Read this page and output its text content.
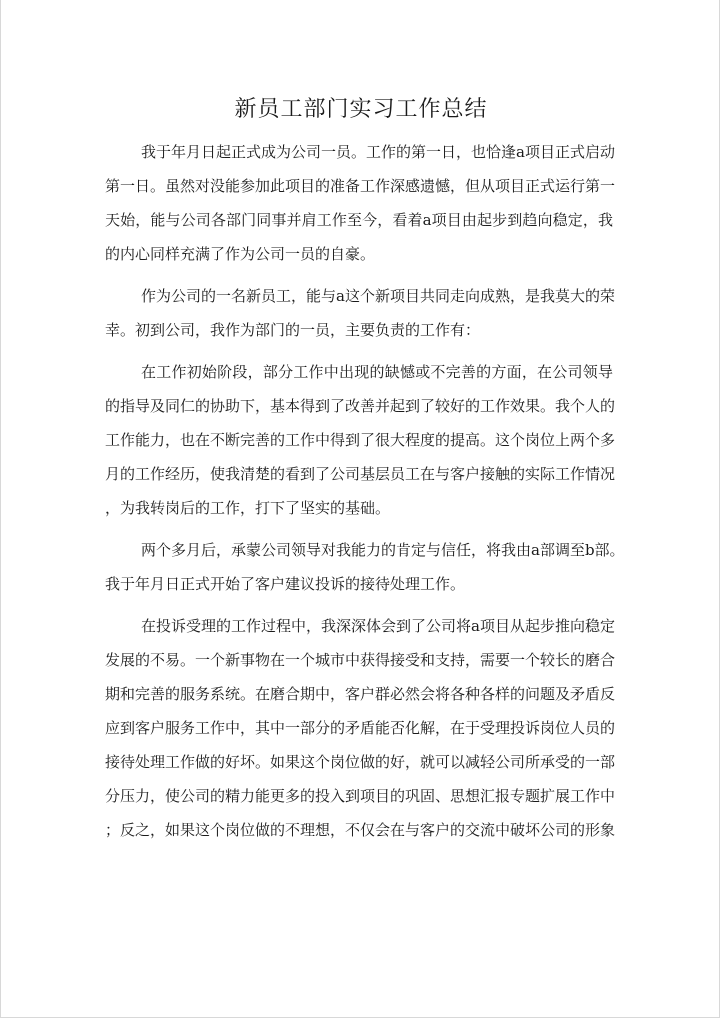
新员工部门实习工作总结
我于年月日起正式成为公司一员。工作的第一日，也恰逢a项目正式启动
第一日。虽然对没能参加此项目的准备工作深感遗憾，但从项目正式运行第一
天始，能与公司各部门同事并肩工作至今，看着a项目由起步到趋向稳定，我
的内心同样充满了作为公司一员的自豪。
作为公司的一名新员工，能与a这个新项目共同走向成熟，是我莫大的荣
幸。初到公司，我作为部门的一员，主要负责的工作有：
在工作初始阶段，部分工作中出现的缺憾或不完善的方面，在公司领导
的指导及同仁的协助下，基本得到了改善并起到了较好的工作效果。我个人的
工作能力，也在不断完善的工作中得到了很大程度的提高。这个岗位上两个多
月的工作经历，使我清楚的看到了公司基层员工在与客户接触的实际工作情况
，为我转岗后的工作，打下了坚实的基础。
两个多月后，承蒙公司领导对我能力的肯定与信任，将我由a部调至b部。
我于年月日正式开始了客户建议投诉的接待处理工作。
在投诉受理的工作过程中，我深深体会到了公司将a项目从起步推向稳定
发展的不易。一个新事物在一个城市中获得接受和支持，需要一个较长的磨合
期和完善的服务系统。在磨合期中，客户群必然会将各种各样的问题及矛盾反
应到客户服务工作中，其中一部分的矛盾能否化解，在于受理投诉岗位人员的
接待处理工作做的好坏。如果这个岗位做的好，就可以减轻公司所承受的一部
分压力，使公司的精力能更多的投入到项目的巩固、思想汇报专题扩展工作中
；反之，如果这个岗位做的不理想，不仅会在与客户的交流中破坏公司的形象
